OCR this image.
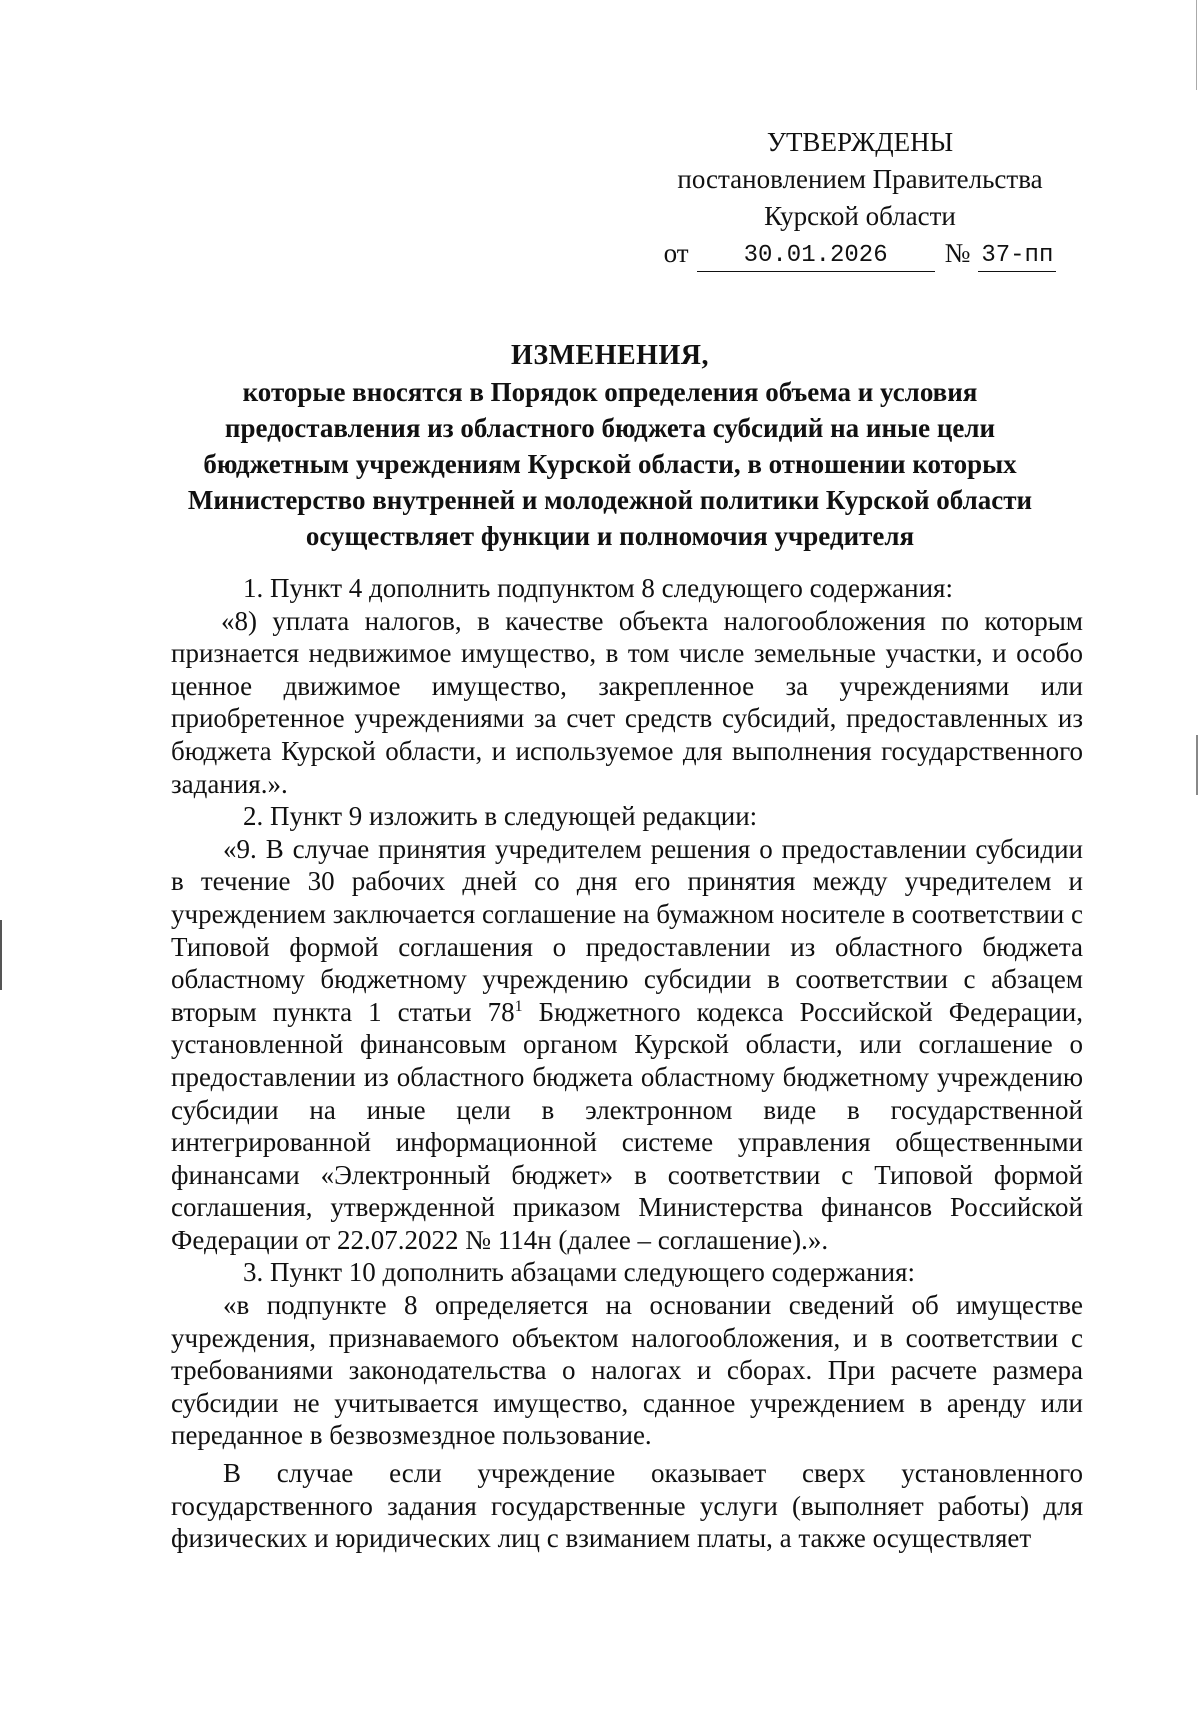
УТВЕРЖДЕНЫ
постановлением Правительства
Курской области
от	30.01.2026	№ 37-пп
ИЗМЕНЕНИЯ,
которые вносятся в Порядок определения объема и условия предоставления из областного бюджета субсидий на иные цели бюджетным учреждениям Курской области, в отношении которых Министерство внутренней и молодежной политики Курской области осуществляет функции и полномочия учредителя

1. Пункт 4 дополнить подпунктом 8 следующего содержания:

«8) уплата налогов, в качестве объекта налогообложения по которым признается недвижимое имущество, в том числе земельные участки, и особо ценное движимое имущество, закрепленное за учреждениями или приобретенное учреждениями за счет средств субсидий, предоставленных из бюджета Курской области, и используемое для выполнения государственного задания.».

2. Пункт 9 изложить в следующей редакции:

«9. В случае принятия учредителем решения о предоставлении субсидии в течение 30 рабочих дней со дня его принятия между учредителем и учреждением заключается соглашение на бумажном носителе в соответствии с Типовой формой соглашения о предоставлении из областного бюджета областному бюджетному учреждению субсидии в соответствии с абзацем вторым пункта 1 статьи $78^1$ Бюджетного кодекса Российской Федерации, установленной финансовым органом Курской области, или соглашение о предоставлении из областного бюджета областному бюджетному учреждению субсидии на иные цели в электронном виде в государственной интегрированной информационной системе управления общественными финансами «Электронный бюджет» в соответствии с Типовой формой соглашения, утвержденной приказом Министерства финансов Российской Федерации от 22.07.2022 № 114н (далее – соглашение).».

3. Пункт 10 дополнить абзацами следующего содержания:

«в подпункте 8 определяется на основании сведений об имуществе учреждения, признаваемого объектом налогообложения, и в соответствии с требованиями законодательства о налогах и сборах. При расчете размера субсидии не учитывается имущество, сданное учреждением в аренду или переданное в безвозмездное пользование.

В случае если учреждение оказывает сверх установленного государственного задания государственные услуги (выполняет работы) для физических и юридических лиц с взиманием платы, а также осуществляет
